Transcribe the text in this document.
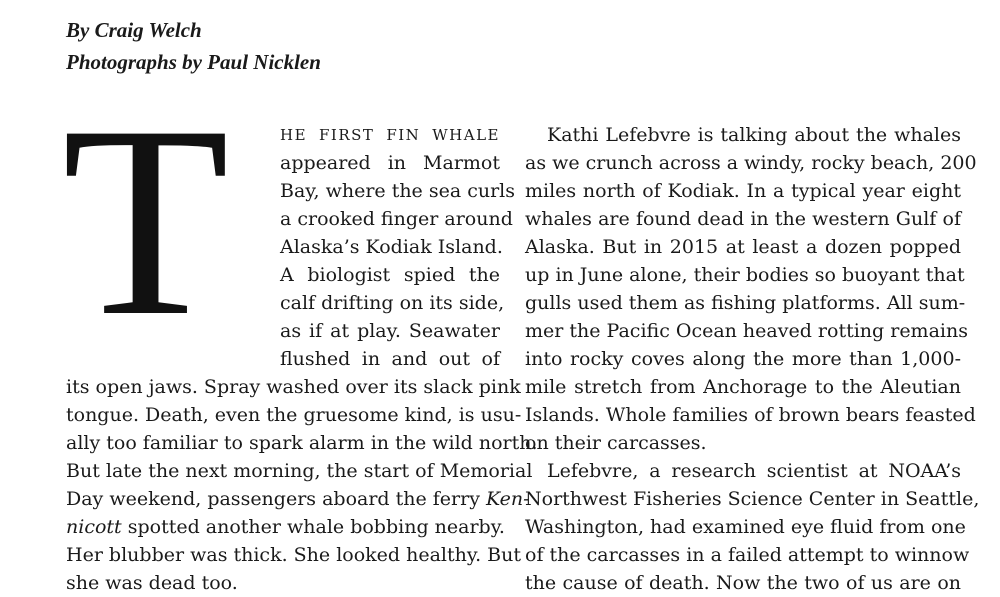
By Craig Welch

Photographs by Paul Nicklen

T	HE FIRST FIN WHALE
appeared in Marmot
Bay, where the sea curls
a crooked finger around
Alaska’s Kodiak Island.
A biologist spied the
calf drifting on its side,
as if at play. Seawater
flushed in and out of
its open jaws. Spray washed over its slack pink
tongue. Death, even the gruesome kind, is usu-
ally too familiar to spark alarm in the wild north.
But late the next morning, the start of Memorial
Day weekend, passengers aboard the ferry Ken-
nicott spotted another whale bobbing nearby.
Her blubber was thick. She looked healthy. But
she was dead too.
Kathi Lefebvre is talking about the whales
as we crunch across a windy, rocky beach, 200
miles north of Kodiak. In a typical year eight
whales are found dead in the western Gulf of
Alaska. But in 2015 at least a dozen popped
up in June alone, their bodies so buoyant that
gulls used them as fishing platforms. All sum-
mer the Pacific Ocean heaved rotting remains
into rocky coves along the more than 1,000-
mile stretch from Anchorage to the Aleutian
Islands. Whole families of brown bears feasted
on their carcasses.
Lefebvre, a research scientist at NOAA’s
Northwest Fisheries Science Center in Seattle,
Washington, had examined eye fluid from one
of the carcasses in a failed attempt to winnow
the cause of death. Now the two of us are on
